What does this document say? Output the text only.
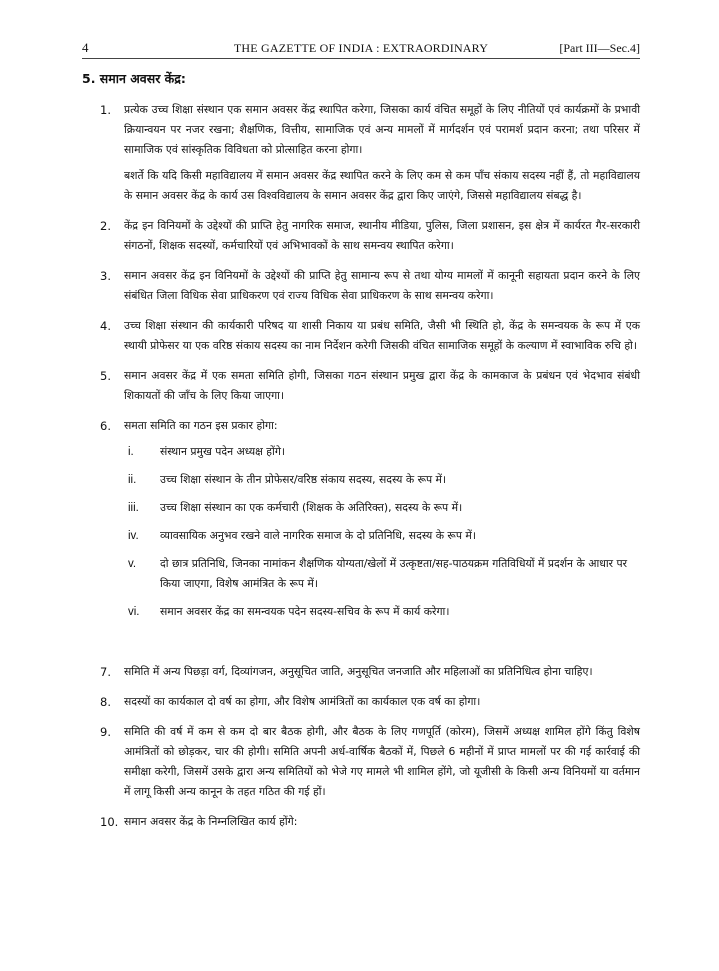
4	THE GAZETTE OF INDIA : EXTRAORDINARY	[Part III—Sec.4]
5. समान अवसर केंद्र:
1. प्रत्येक उच्च शिक्षा संस्थान एक समान अवसर केंद्र स्थापित करेगा, जिसका कार्य वंचित समूहों के लिए नीतियों एवं कार्यक्रमों के प्रभावी क्रियान्वयन पर नजर रखना; शैक्षणिक, वित्तीय, सामाजिक एवं अन्य मामलों में मार्गदर्शन एवं परामर्श प्रदान करना; तथा परिसर में सामाजिक एवं सांस्कृतिक विविधता को प्रोत्साहित करना होगा।

बशर्ते कि यदि किसी महाविद्यालय में समान अवसर केंद्र स्थापित करने के लिए कम से कम पाँच संकाय सदस्य नहीं हैं, तो महाविद्यालय के समान अवसर केंद्र के कार्य उस विश्वविद्यालय के समान अवसर केंद्र द्वारा किए जाएंगे, जिससे महाविद्यालय संबद्ध है।

2. केंद्र इन विनियमों के उद्देश्यों की प्राप्ति हेतु नागरिक समाज, स्थानीय मीडिया, पुलिस, जिला प्रशासन, इस क्षेत्र में कार्यरत गैर-सरकारी संगठनों, शिक्षक सदस्यों, कर्मचारियों एवं अभिभावकों के साथ समन्वय स्थापित करेगा।

3. समान अवसर केंद्र इन विनियमों के उद्देश्यों की प्राप्ति हेतु सामान्य रूप से तथा योग्य मामलों में कानूनी सहायता प्रदान करने के लिए संबंधित जिला विधिक सेवा प्राधिकरण एवं राज्य विधिक सेवा प्राधिकरण के साथ समन्वय करेगा।

4. उच्च शिक्षा संस्थान की कार्यकारी परिषद या शासी निकाय या प्रबंध समिति, जैसी भी स्थिति हो, केंद्र के समन्वयक के रूप में एक स्थायी प्रोफेसर या एक वरिष्ठ संकाय सदस्य का नाम निर्देशन करेगी जिसकी वंचित सामाजिक समूहों के कल्याण में स्वाभाविक रुचि हो।

5. समान अवसर केंद्र में एक समता समिति होगी, जिसका गठन संस्थान प्रमुख द्वारा केंद्र के कामकाज के प्रबंधन एवं भेदभाव संबंधी शिकायतों की जाँच के लिए किया जाएगा।

6. समता समिति का गठन इस प्रकार होगा:

i. संस्थान प्रमुख पदेन अध्यक्ष होंगे।
ii. उच्च शिक्षा संस्थान के तीन प्रोफेसर/वरिष्ठ संकाय सदस्य, सदस्य के रूप में।
iii. उच्च शिक्षा संस्थान का एक कर्मचारी (शिक्षक के अतिरिक्त), सदस्य के रूप में।
iv. व्यावसायिक अनुभव रखने वाले नागरिक समाज के दो प्रतिनिधि, सदस्य के रूप में।
v. दो छात्र प्रतिनिधि, जिनका नामांकन शैक्षणिक योग्यता/खेलों में उत्कृष्टता/सह-पाठयक्रम गतिविधियों में प्रदर्शन के आधार पर किया जाएगा, विशेष आमंत्रित के रूप में।
vi. समान अवसर केंद्र का समन्वयक पदेन सदस्य-सचिव के रूप में कार्य करेगा।
7. समिति में अन्य पिछड़ा वर्ग, दिव्यांगजन, अनुसूचित जाति, अनुसूचित जनजाति और महिलाओं का प्रतिनिधित्व होना चाहिए।

8. सदस्यों का कार्यकाल दो वर्ष का होगा, और विशेष आमंत्रितों का कार्यकाल एक वर्ष का होगा।

9. समिति की वर्ष में कम से कम दो बार बैठक होगी, और बैठक के लिए गणपूर्ति (कोरम), जिसमें अध्यक्ष शामिल होंगे किंतु विशेष आमंत्रितों को छोड़कर, चार की होगी। समिति अपनी अर्ध-वार्षिक बैठकों में, पिछले 6 महीनों में प्राप्त मामलों पर की गई कार्रवाई की समीक्षा करेगी, जिसमें उसके द्वारा अन्य समितियों को भेजे गए मामले भी शामिल होंगे, जो यूजीसी के किसी अन्य विनियमों या वर्तमान में लागू किसी अन्य कानून के तहत गठित की गई हों।

10. समान अवसर केंद्र के निम्नलिखित कार्य होंगे:
